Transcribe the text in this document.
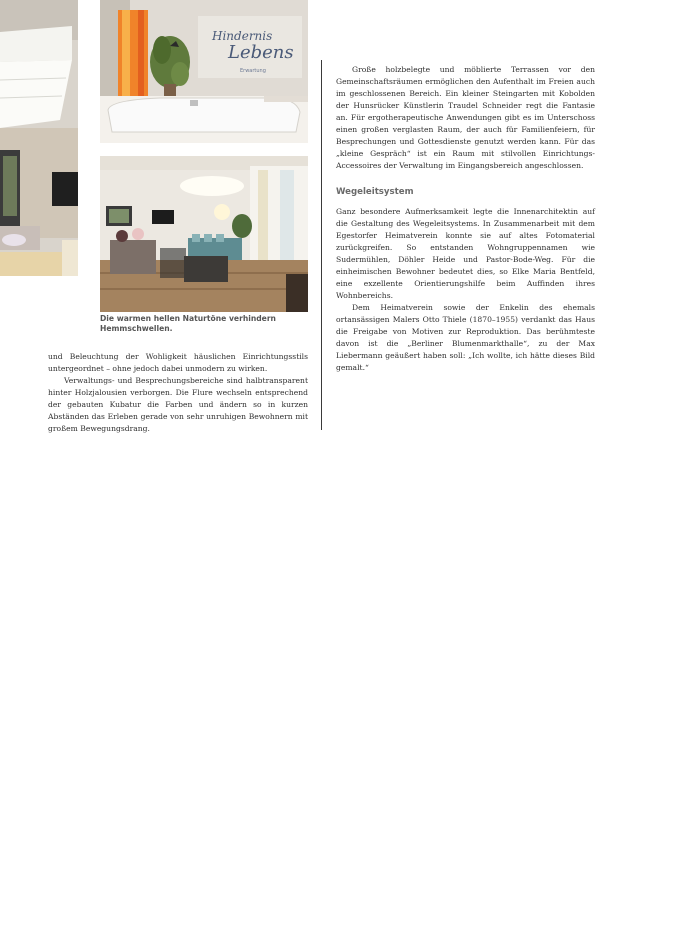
Hindernis
Lebens
Erwartung
Die warmen hellen Naturtöne verhindern Hemmschwellen.

und Beleuchtung der Wohligkeit häuslichen Einrichtungsstils untergeordnet – ohne jedoch dabei unmodern zu wirken.

Verwaltungs- und Besprechungsbereiche sind halbtransparent hinter Holzjalousien verborgen. Die Flure wechseln entsprechend der gebauten Kubatur die Farben und ändern so in kurzen Abständen das Erleben gerade von sehr unruhigen Bewohnern mit großem Bewegungsdrang.

Große holzbelegte und möblierte Terrassen vor den Gemeinschaftsräumen ermöglichen den Aufenthalt im Freien auch im geschlossenen Bereich. Ein kleiner Steingarten mit Kobolden der Hunsrücker Künstlerin Traudel Schneider regt die Fantasie an. Für ergotherapeutische Anwendungen gibt es im Unterschoss einen großen verglasten Raum, der auch für Familienfeiern, für Besprechungen und Gottesdienste genutzt werden kann. Für das „kleine Gespräch“ ist ein Raum mit stilvollen Einrichtungs-Accessoires der Verwaltung im Eingangsbereich angeschlossen.

Wegeleitsystem

Ganz besondere Aufmerksamkeit legte die Innenarchitektin auf die Gestaltung des Wegeleitsystems. In Zusammenarbeit mit dem Egestorfer Heimatverein konnte sie auf altes Fotomaterial zurückgreifen. So entstanden Wohngruppennamen wie Sudermühlen, Döhler Heide und Pastor-Bode-Weg. Für die einheimischen Bewohner bedeutet dies, so Elke Maria Bentfeld, eine exzellente Orientierungshilfe beim Auffinden ihres Wohnbereichs.

Dem Heimatverein sowie der Enkelin des ehemals ortansässigen Malers Otto Thiele (1870–1955) verdankt das Haus die Freigabe von Motiven zur Reproduktion. Das berühmteste davon ist die „Berliner Blumenmarkthalle“, zu der Max Liebermann geäußert haben soll: „Ich wollte, ich hätte dieses Bild gemalt.“
